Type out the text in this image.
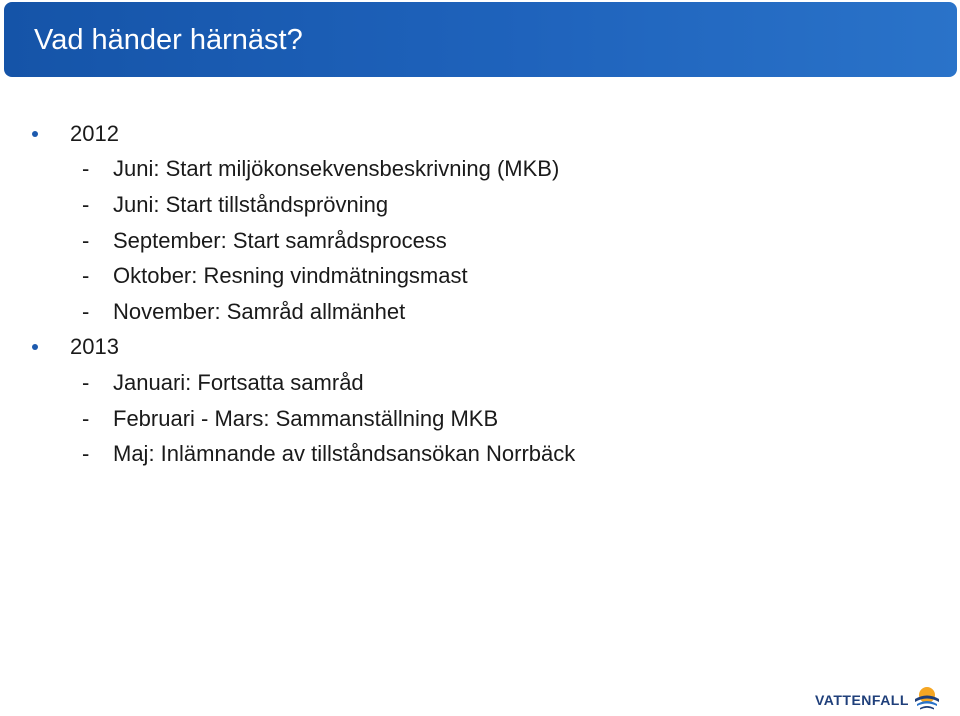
Vad händer härnäst?
2012
- Juni: Start miljökonsekvensbeskrivning (MKB)
- Juni: Start tillståndsprövning
- September: Start samrådsprocess
- Oktober: Resning vindmätningsmast
- November: Samråd allmänhet
2013
- Januari: Fortsatta samråd
- Februari - Mars: Sammanställning MKB
- Maj: Inlämnande av tillståndsansökan Norrbäck
VATTENFALL
